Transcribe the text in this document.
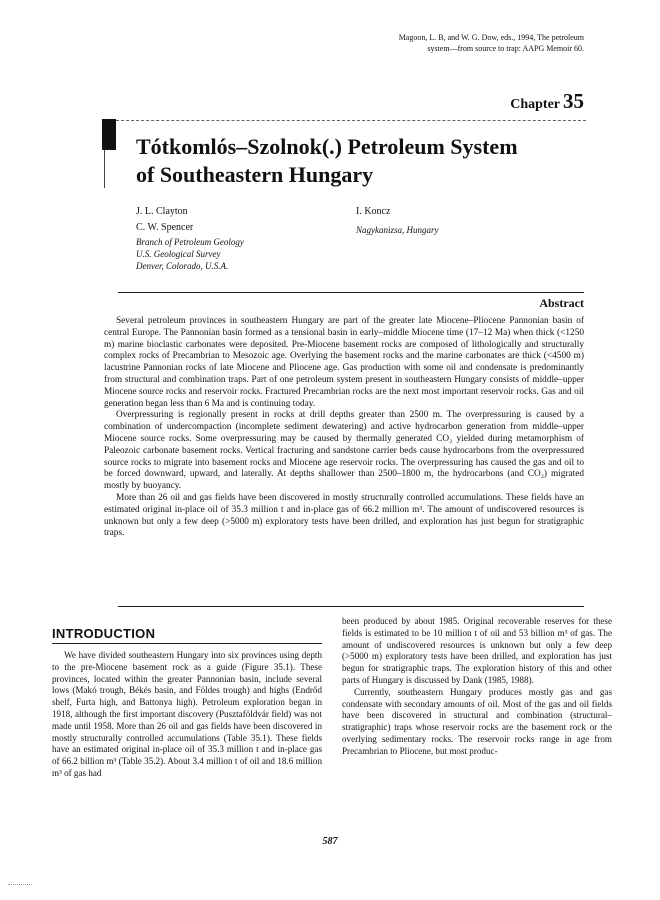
Magoon, L. B, and W. G. Dow, eds., 1994, The petroleum
system—from source to trap: AAPG Memoir 60.
Chapter 35
Tótkomlós–Szolnok(.) Petroleum System
of Southeastern Hungary
J. L. Clayton
C. W. Spencer
Branch of Petroleum Geology
U.S. Geological Survey
Denver, Colorado, U.S.A.
I. Koncz
Nagykanizsa, Hungary
Abstract

Several petroleum provinces in southeastern Hungary are part of the greater late Miocene–Pliocene Pannonian basin of central Europe. The Pannonian basin formed as a tensional basin in early–middle Miocene time (17–12 Ma) when thick (<1250 m) marine bioclastic carbonates were deposited. Pre-Miocene basement rocks are composed of lithologically and structurally complex rocks of Precambrian to Mesozoic age. Overlying the basement rocks and the marine carbonates are thick (<4500 m) lacustrine Pannonian rocks of late Miocene and Pliocene age. Gas production with some oil and condensate is predominantly from structural and combination traps. Part of one petroleum system present in southeastern Hungary consists of middle–upper Miocene source rocks and reservoir rocks. Fractured Precambrian rocks are the next most important reservoir rocks. Gas and oil generation began less than 6 Ma and is continuing today.

Overpressuring is regionally present in rocks at drill depths greater than 2500 m. The overpressuring is caused by a combination of undercompaction (incomplete sediment dewatering) and active hydrocarbon generation from middle–upper Miocene source rocks. Some overpressuring may be caused by thermally generated CO₂ yielded during metamorphism of Paleozoic carbonate basement rocks. Vertical fracturing and sandstone carrier beds cause hydrocarbons from the overpressured source rocks to migrate into basement rocks and Miocene age reservoir rocks. The overpressuring has caused the gas and oil to be forced downward, upward, and laterally. At depths shallower than 2500–1800 m, the hydrocarbons (and CO₂) migrated mostly by buoyancy.

More than 26 oil and gas fields have been discovered in mostly structurally controlled accumulations. These fields have an estimated original in-place oil of 35.3 million t and in-place gas of 66.2 million m³. The amount of undiscovered resources is unknown but only a few deep (>5000 m) exploratory tests have been drilled, and exploration has just begun for stratigraphic traps.

INTRODUCTION

We have divided southeastern Hungary into six provinces using depth to the pre-Miocene basement rock as a guide (Figure 35.1). These provinces, located within the greater Pannonian basin, include several lows (Makó trough, Békés basin, and Földes trough) and highs (Endrőd shelf, Furta high, and Battonya high). Petroleum exploration began in 1918, although the first important discovery (Pusztaföldvár field) was not made until 1958. More than 26 oil and gas fields have been discovered in mostly structurally controlled accumulations (Table 35.1). These fields have an estimated original in-place oil of 35.3 million t and in-place gas of 66.2 billion m³ (Table 35.2). About 3.4 million t of oil and 18.6 million m³ of gas had

been produced by about 1985. Original recoverable reserves for these fields is estimated to be 10 million t of oil and 53 billion m³ of gas. The amount of undiscovered resources is unknown but only a few deep (>5000 m) exploratory tests have been drilled, and exploration has just begun for stratigraphic traps. The exploration history of this and other parts of Hungary is discussed by Dank (1985, 1988).

Currently, southeastern Hungary produces mostly gas and gas condensate with secondary amounts of oil. Most of the gas and oil fields have been discovered in structural and combination (structural–stratigraphic) traps whose reservoir rocks are the basement rock or the overlying sedimentary rocks. The reservoir rocks range in age from Precambrian to Pliocene, but most produc-

587
